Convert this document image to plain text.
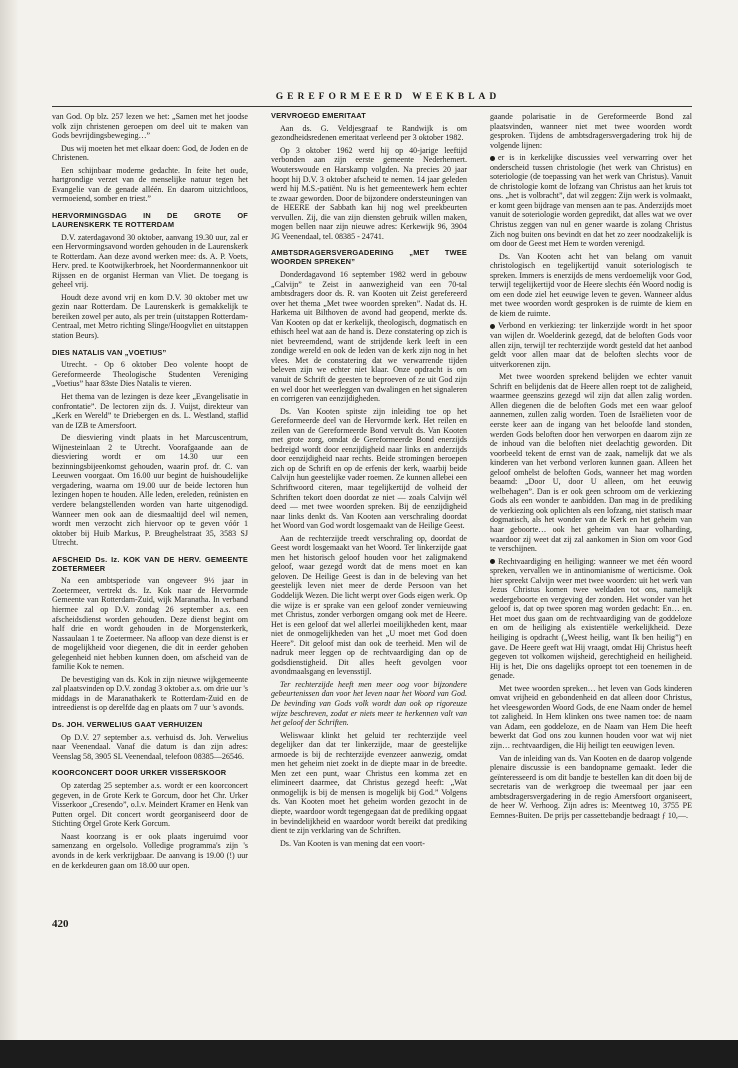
GEREFORMEERD WEEKBLAD

van God. Op blz. 257 lezen we het: „Samen met het joodse volk zijn christenen geroepen om deel uit te maken van Gods bevrijdingsbeweging…”

Dus wij moeten het met elkaar doen: God, de Joden en de Christenen.

Een schijnbaar moderne gedachte. In feite het oude, hartgrondige verzet van de menselijke natuur tegen het Evangelie van de genade alléén. En daarom uitzichtloos, vermoeiend, somber en triest.”

HERVORMINGSDAG IN DE GROTE OF LAURENSKERK TE ROTTERDAM

D.V. zaterdagavond 30 oktober, aanvang 19.30 uur, zal er een Hervormingsavond worden gehouden in de Laurenskerk te Rotterdam. Aan deze avond werken mee: ds. A. P. Voets, Herv. pred. te Kootwijkerbroek, het Noordermannenkoor uit Rijssen en de organist Herman van Vliet. De toegang is geheel vrij.

Houdt deze avond vrij en kom D.V. 30 oktober met uw gezin naar Rotterdam. De Laurenskerk is gemakkelijk te bereiken zowel per auto, als per trein (uitstappen Rotterdam-Centraal, met Metro richting Slinge/Hoogvliet en uitstappen station Beurs).

DIES NATALIS VAN „VOETIUS”

Utrecht. - Op 6 oktober Deo volente hoopt de Gereformeerde Theologische Studenten Vereniging „Voetius” haar 83ste Dies Natalis te vieren.

Het thema van de lezingen is deze keer „Evangelisatie in confrontatie”. De lectoren zijn ds. J. Vuijst, direkteur van „Kerk en Wereld” te Driebergen en ds. L. Westland, staflid van de IZB te Amersfoort.

De diesviering vindt plaats in het Marcuscentrum, Wijnesteinlaan 2 te Utrecht. Voorafgaande aan de diesviering wordt er om 14.30 uur een bezinningsbijeenkomst gehouden, waarin prof. dr. C. van Leeuwen voorgaat. Om 16.00 uur begint de huishoudelijke vergadering, waarna om 19.00 uur de beide lectoren hun lezingen hopen te houden. Alle leden, ereleden, reünisten en verdere belangstellenden worden van harte uitgenodigd. Wanneer men ook aan de diesmaaltijd deel wil nemen, wordt men verzocht zich hiervoor op te geven vóór 1 oktober bij Huib Markus, P. Breughelstraat 35, 3583 SJ Utrecht.

AFSCHEID Ds. Iz. KOK VAN DE HERV. GEMEENTE ZOETERMEER

Na een ambtsperiode van ongeveer 9½ jaar in Zoetermeer, vertrekt ds. Iz. Kok naar de Hervormde Gemeente van Rotterdam-Zuid, wijk Maranatha. In verband hiermee zal op D.V. zondag 26 september a.s. een afscheidsdienst worden gehouden. Deze dienst begint om half drie en wordt gehouden in de Morgensterkerk, Nassaulaan 1 te Zoetermeer. Na afloop van deze dienst is er de mogelijkheid voor diegenen, die dit in eerder gehoben gelegenheid niet hebben kunnen doen, om afscheid van de familie Kok te nemen.

De bevestiging van ds. Kok in zijn nieuwe wijkgemeente zal plaatsvinden op D.V. zondag 3 oktober a.s. om drie uur 's middags in de Maranathakerk te Rotterdam-Zuid en de intreedienst is op derelfde dag en plaats om 7 uur 's avonds.

Ds. JOH. VERWELIUS GAAT VERHUIZEN

Op D.V. 27 september a.s. verhuisd ds. Joh. Verwelius naar Veenendaal. Vanaf die datum is dan zijn adres: Veenslag 58, 3905 SL Veenendaal, telefoon 08385—26546.

KOORCONCERT DOOR URKER VISSERSKOOR

Op zaterdag 25 september a.s. wordt er een koorconcert gegeven, in de Grote Kerk te Gorcum, door het Chr. Urker Visserkoor „Cresendo”, o.l.v. Meindert Kramer en Henk van Putten orgel. Dit concert wordt georganiseerd door de Stichting Orgel Grote Kerk Gorcum.

Naast koorzang is er ook plaats ingeruimd voor samenzang en orgelsolo. Volledige programma's zijn 's avonds in de kerk verkrijgbaar. De aanvang is 19.00 (!) uur en de kerkdeuren gaan om 18.00 uur open.

VERVROEGD EMERITAAT

Aan ds. G. Veldjesgraaf te Randwijk is om gezondheidsredenen emeritaat verleend per 3 oktober 1982.

Op 3 oktober 1962 werd hij op 40-jarige leeftijd verbonden aan zijn eerste gemeente Nederhemert. Wouterswoude en Harskamp volgden. Na precies 20 jaar hoopt hij D.V. 3 oktober afscheid te nemen. 14 jaar geleden werd hij M.S.-patiënt. Nu is het gemeentewerk hem echter te zwaar geworden. Door de bijzondere ondersteuningen van de HEERE der Sabbath kan hij nog wel preekbeurten vervullen. Zij, die van zijn diensten gebruik willen maken, mogen bellen naar zijn nieuwe adres: Kerkewijk 96, 3904 JG Veenendaal, tel. 08385 - 24741.

AMBTSDRAGERSVERGADERING „MET TWEE WOORDEN SPREKEN”

Donderdagavond 16 september 1982 werd in gebouw „Calvijn” te Zeist in aanwezigheid van een 70-tal ambtsdragers door ds. R. van Kooten uit Zeist gerefereerd over het thema „Met twee woorden spreken”. Nadat ds. H. Harkema uit Bilthoven de avond had geopend, merkte ds. Van Kooten op dat er kerkelijk, theologisch, dogmatisch en ethisch heel wat aan de hand is. Deze constatering op zich is niet bevreemdend, want de strijdende kerk leeft in een zondige wereld en ook de leden van de kerk zijn nog in het vlees. Met de constatering dat we verwarrende tijden beleven zijn we echter niet klaar. Onze opdracht is om vanuit de Schrift de geesten te beproeven of ze uit God zijn en wel door het weerleggen van dwalingen en het signaleren en corrigeren van eenzijdigheden.

Ds. Van Kooten spitste zijn inleiding toe op het Gereformeerde deel van de Hervormde kerk. Het reilen en zeilen van de Gereformeerde Bond vervult ds. Van Kooten met grote zorg, omdat de Gereformeerde Bond enerzijds bedreigd wordt door eenzijdigheid naar links en anderzijds door eenzijdigheid naar rechts. Beide stromingen beroepen zich op de Schrift en op de erfenis der kerk, waarbij beide Calvijn hun geestelijke vader roemen. Ze kunnen allebei een Schriftwoord citeren, maar tegelijkertijd de volheid der Schriften tekort doen doordat ze niet — zoals Calvijn wél deed — met twee woorden spreken. Bij de eenzijdigheid naar links denkt ds. Van Kooten aan verschraling doordat het Woord van God wordt losgemaakt van de Heilige Geest.

Aan de rechterzijde treedt verschraling op, doordat de Geest wordt losgemaakt van het Woord. Ter linkerzijde gaat men het historisch geloof houden voor het zaligmakend geloof, waar gezegd wordt dat de mens moet en kan geloven. De Heilige Geest is dan in de beleving van het geestelijk leven niet meer de derde Persoon van het Goddelijk Wezen. Die licht werpt over Gods eigen werk. Op die wijze is er sprake van een geloof zonder vernieuwing met Christus, zonder verborgen omgang ook met de Heere. Het is een geloof dat wel allerlei moeilijkheden kent, maar niet de onmogelijkheden van het „U moet met God doen Heere”. Dit geloof mist dan ook de teerheid. Men wil de nadruk meer leggen op de rechtvaardiging dan op de godsdienstigheid. Dit alles heeft gevolgen voor avondmaalsgang en levensstijl.

Ter rechterzijde heeft men meer oog voor bijzondere gebeurtenissen dan voor het leven naar het Woord van God. De bevinding van Gods volk wordt dan ook op rigoreuze wijze beschreven, zodat er niets meer te herkennen valt van het geloof der Schriften.

Weliswaar klinkt het geluid ter rechterzijde veel degelijker dan dat ter linkerzijde, maar de geestelijke armoede is bij de rechterzijde evenzeer aanwezig, omdat men het geheim niet zoekt in de diepte maar in de breedte. Men zet een punt, waar Christus een komma zet en elimineert daarmee, dat Christus gezegd heeft: „Wat onmogelijk is bij de mensen is mogelijk bij God.” Volgens ds. Van Kooten moet het geheim worden gezocht in de diepte, waardoor wordt tegengegaan dat de prediking opgaat in bevindelijkheid en waardoor wordt bereikt dat prediking dient te zijn verklaring van de Schriften.

Ds. Van Kooten is van mening dat een voort-

gaande polarisatie in de Gereformeerde Bond zal plaatsvinden, wanneer niet met twee woorden wordt gesproken. Tijdens de ambtsdragersvergadering trok hij de volgende lijnen:

er is in kerkelijke discussies veel verwarring over het onderscheid tussen christologie (het werk van Christus) en soteriologie (de toepassing van het werk van Christus). Vanuit de christologie komt de lofzang van Christus aan het kruis tot ons. „het is volbracht”, dat wil zeggen: Zijn werk is volmaakt, er komt geen bijdrage van mensen aan te pas. Anderzijds moet vanuit de soteriologie worden gepredikt, dat alles wat we over Christus zeggen van nul en gener waarde is zolang Christus Zich nog buiten ons bevindt en dat het zo zeer noodzakelijk is om door de Geest met Hem te worden verenigd.

Ds. Van Kooten acht het van belang om vanuit christologisch en tegelijkertijd vanuit soteriologisch te spreken. Immers is enerzijds de mens verdoemelijk voor God, terwijl tegelijkertijd voor de Heere slechts één Woord nodig is om een dode ziel het eeuwige leven te geven. Wanneer aldus met twee woorden wordt gesproken is de ruimte de kiem en de kiem de ruimte.

Verbond en verkiezing: ter linkerzijde wordt in het spoor van wijlen dr. Woelderink gezegd, dat de beloften Gods voor allen zijn, terwijl ter rechterzijde wordt gesteld dat het aanbod geldt voor allen maar dat de beloften slechts voor de uitverkorenen zijn.

Met twee woorden sprekend belijden we echter vanuit Schrift en belijdenis dat de Heere allen roept tot de zaligheid, waarmee geenszins gezegd wil zijn dat allen zalig worden. Allen diegenen die de beloften Gods met een waar geloof aannemen, zullen zalig worden. Toen de Israëlieten voor de eerste keer aan de ingang van het beloofde land stonden, werden Gods beloften door hen verworpen en daarom zijn ze de inhoud van die beloften niet deelachtig geworden. Dit voorbeeld tekent de ernst van de zaak, namelijk dat we als kinderen van het verbond verloren kunnen gaan. Alleen het geloof omhelst de beloften Gods, wanneer het mag worden beaamd: „Door U, door U alleen, om het eeuwig welbehagen”. Dan is er ook geen schroom om de verkiezing Gods als een wonder te aanbidden. Dan mag in de prediking de verkiezing ook oplichten als een lofzang, niet statisch maar dogmatisch, als het wonder van de Kerk en het geheim van haar geboorte… ook het geheim van haar volharding, waardoor zij weet dat zij zal aankomen in Sion om voor God te verschijnen.

Rechtvaardiging en heiliging: wanneer we met één woord spreken, vervallen we in antinomianisme of werticisme. Ook hier spreekt Calvijn weer met twee woorden: uit het werk van Jezus Christus komen twee weldaden tot ons, namelijk wedergeboorte en vergeving der zonden. Het wonder van het geloof is, dat op twee sporen mag worden gedacht: En… en. Het moet dus gaan om de rechtvaardiging van de goddeloze en om de heiliging als existentiële werkelijkheid. Deze heiliging is opdracht („Weest heilig, want Ik ben heilig”) en gave. De Heere geeft wat Hij vraagt, omdat Hij Christus heeft gegeven tot volkomen wijsheid, gerechtigheid en heiligheid. Hij is het, Die ons dagelijks oproept tot een toenemen in de genade.

Met twee woorden spreken… het leven van Gods kinderen omvat vrijheid en gebondenheid en dat alleen door Christus, het vleesgeworden Woord Gods, de ene Naam onder de hemel tot zaligheid. In Hem klinken ons twee namen toe: de naam van Adam, een goddeloze, en de Naam van Hem Die heeft bewerkt dat God ons zou kunnen houden voor wat wij niet zijn… rechtvaardigen, die Hij heiligt ten eeuwigen leven.

Van de inleiding van ds. Van Kooten en de daarop volgende plenaire discussie is een bandopname gemaakt. Ieder die geïnteresseerd is om dit bandje te bestellen kan dit doen bij de secretaris van de werkgroep die tweemaal per jaar een ambtsdragersvergadering in de regio Amersfoort organiseert, de heer W. Verhoog. Zijn adres is: Meentweg 10, 3755 PE Eemnes-Buiten. De prijs per cassettebandje bedraagt ƒ 10,—.

420
